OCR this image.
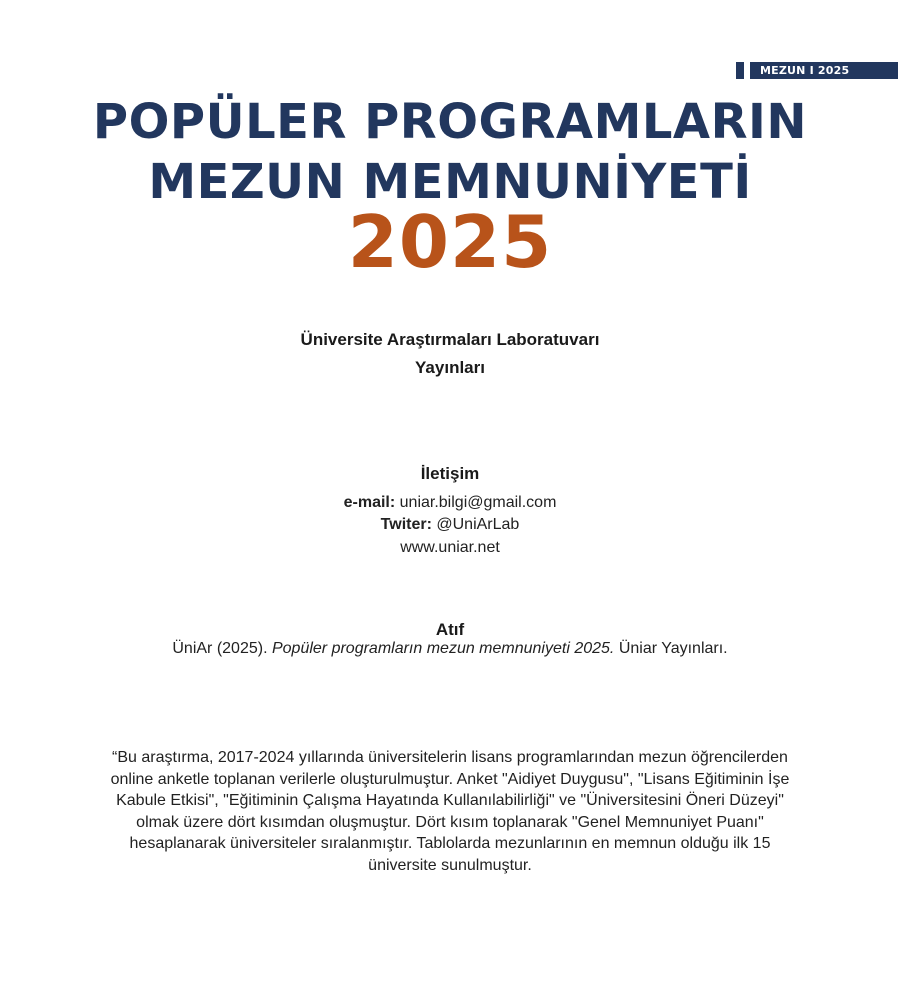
MEZUN I 2025
POPÜLER PROGRAMLARIN
MEZUN MEMNUNİYETİ
2025
Üniversite Araştırmaları Laboratuvarı
Yayınları
İletişim
e-mail: uniar.bilgi@gmail.com
Twiter: @UniArLab
www.uniar.net
Atıf
ÜniAr (2025). Popüler programların mezun memnuniyeti 2025. Üniar Yayınları.
“Bu araştırma, 2017-2024 yıllarında üniversitelerin lisans programlarından mezun öğrencilerden online anketle toplanan verilerle oluşturulmuştur. Anket "Aidiyet Duygusu", "Lisans Eğitiminin İşe Kabule Etkisi", "Eğitiminin Çalışma Hayatında Kullanılabilirliği" ve "Üniversitesini Öneri Düzeyi" olmak üzere dört kısımdan oluşmuştur. Dört kısım toplanarak "Genel Memnuniyet Puanı" hesaplanarak üniversiteler sıralanmıştır. Tablolarda mezunlarının en memnun olduğu ilk 15 üniversite sunulmuştur.
